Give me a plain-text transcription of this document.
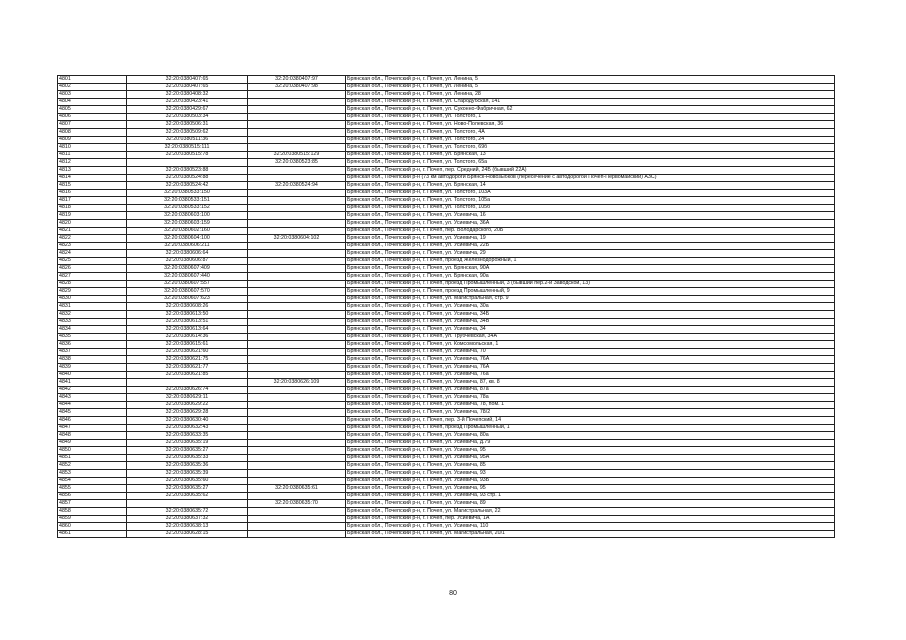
4801	32:20:0380407:65	32:20:0380407:97	Брянская обл., Почепский р-н, г. Почеп, ул. Ленина, 5
4802	32:20:0380407:65	32:20:0380407:98	Брянская обл., Почепский р-н, г. Почеп, ул. Ленина, 5
4803	32:20:0380408:32		Брянская обл., Почепский р-н, г. Почеп, ул. Ленина, 28
4804	32:20:0380423:41		Брянская обл., Почепский р-н, г. Почеп, ул. Стародубская, 141
4805	32:20:0380429:67		Брянская обл., Почепский р-н, г. Почеп, ул. Суконно-Фабричная, 62
4806	32:20:0380503:34		Брянская обл., Почепский р-н, г. Почеп, ул. Толстого, 1
4807	32:20:0380506:31		Брянская обл., Почепский р-н, г. Почеп, ул. Ново-Полевская, 36
4808	32:20:0380509:62		Брянская обл., Почепский р-н, г. Почеп, ул. Толстого, 4А
4809	32:20:0380511:36		Брянская обл., Почепский р-н, г. Почеп, ул. Толстого, 24
4810	32:20:0380515:111		Брянская обл., Почепский р-н, г. Почеп, ул. Толстого, 69б
4811	32:20:0380515:78	32:20:0380515:129	Брянская обл., Почепский р-н, г. Почеп, ул. Брянская, 13
4812		32:20:0380523:85	Брянская обл., Почепский р-н, г. Почеп, ул. Толстого, 65а
4813	32:20:0380523:88		Брянская обл., Почепский р-н, г. Почеп, пер. Средний, 24Б (бывший 22А)
4814	32:20:0380524:88		Брянская обл., Почепский р-н (73 км автодороги Брянск-Новозыбков (пересечение с автодорогой Почеп-Первомайский) АЗС)
4815	32:20:0380524:42	32:20:0380524:94	Брянская обл., Почепский р-н, г. Почеп, ул. Брянская, 14
4816	32:20:0380533:150		Брянская обл., Почепский р-н, г. Почеп, ул. Толстого, 103А
4817	32:20:0380533:151		Брянская обл., Почепский р-н, г. Почеп, ул. Толстого, 105а
4818	32:20:0380533:152		Брянская обл., Почепский р-н, г. Почеп, ул. Толстого, 105б
4819	32:20:0380603:100		Брянская обл., Почепский р-н, г. Почеп, ул. Усиевича, 16
4820	32:20:0380603:159		Брянская обл., Почепский р-н, г. Почеп, ул. Усиевича, 36А
4821	32:20:0380602:160		Брянская обл., Почепский р-н, г. Почеп, пер. Володарского, 20Б
4822	32:20:0380604:100	32:20:0380604:102	Брянская обл., Почепский р-н, г. Почеп, ул. Усиевича, 19
4823	32:20:0380606:211		Брянская обл., Почепский р-н, г. Почеп, ул. Усиевича, 22Б
4824	32:20:0380606:64		Брянская обл., Почепский р-н, г. Почеп, ул. Усиевича, 29
4825	32:20:0380606:87		Брянская обл., Почепский р-н, г. Почеп, проезд Железнодорожный, 1
4826	32:20:0380607:409		Брянская обл., Почепский р-н, г. Почеп, ул. Брянская, 90А
4827	32:20:0380607:440		Брянская обл., Почепский р-н, г. Почеп, ул. Брянская, 90а
4828	32:20:0380607:557		Брянская обл., Почепский р-н, г. Почеп, проезд Промышленный, 3 (бывший пер.2-й Заводской, 13)
4829	32:20:0380607:570		Брянская обл., Почепский р-н, г. Почеп, проезд Промышленный, 9
4830	32:20:0380607:623		Брянская обл., Почепский р-н, г. Почеп, ул. Магистральная, стр. 9
4831	32:20:0380608:26		Брянская обл., Почепский р-н, г. Почеп, ул. Усиевича, 30а
4832	32:20:0380613:50		Брянская обл., Почепский р-н, г. Почеп, ул. Усиевича, 34Б
4833	32:20:0380613:51		Брянская обл., Почепский р-н, г. Почеп, ул. Усиевича, 34В
4834	32:20:0380613:64		Брянская обл., Почепский р-н, г. Почеп, ул. Усиевича, 34
4835	32:20:0380614:36		Брянская обл., Почепский р-н, г. Почеп, ул. Трубчевская, 34А
4836	32:20:0380615:61		Брянская обл., Почепский р-н, г. Почеп, ул. Комсомольская, 1
4837	32:20:0380621:60		Брянская обл., Почепский р-н, г. Почеп, ул. Усиевича, 70
4838	32:20:0380621:75		Брянская обл., Почепский р-н, г. Почеп, ул. Усиевича, 76А
4839	32:20:0380621:77		Брянская обл., Почепский р-н, г. Почеп, ул. Усиевича, 76А
4840	32:20:0380621:85		Брянская обл., Почепский р-н, г. Почеп, ул. Усиевича, 76а
4841		32:20:0380626:109	Брянская обл., Почепский р-н, г. Почеп, ул. Усиевича, 87, кв. 8
4842	32:20:0380626:74		Брянская обл., Почепский р-н, г. Почеп, ул. Усиевича, 87а
4843	32:20:0380629:11		Брянская обл., Почепский р-н, г. Почеп, ул. Усиевича, 78а
4844	32:20:0380629:22		Брянская обл., Почепский р-н, г. Почеп, ул. Усиевича, 78, пом. 1
4845	32:20:0380629:28		Брянская обл., Почепский р-н, г. Почеп, ул. Усиевича, 78/2
4846	32:20:0380630:40		Брянская обл., Почепский р-н, г. Почеп, пер. 3-й Почепский, 14
4847	32:20:0380632:43		Брянская обл., Почепский р-н, г. Почеп, проезд Промышленный, 1
4848	32:20:0380633:35		Брянская обл., Почепский р-н, г. Почеп, ул. Усиевича, 80а
4849	32:20:0380635:19		Брянская обл., Почепский р-н, г. Почеп, ул. Усиевича, д.79
4850	32:20:0380635:27		Брянская обл., Почепский р-н, г. Почеп, ул. Усиевича, 95
4851	32:20:0380635:33		Брянская обл., Почепский р-н, г. Почеп, ул. Усиевича, 95А
4852	32:20:0380635:36		Брянская обл., Почепский р-н, г. Почеп, ул. Усиевича, 85
4853	32:20:0380635:39		Брянская обл., Почепский р-н, г. Почеп, ул. Усиевича, 93
4854	32:20:0380635:60		Брянская обл., Почепский р-н, г. Почеп, ул. Усиевича, 93Б
4855	32:20:0380635:27	32:20:0380635:61	Брянская обл., Почепский р-н, г. Почеп, ул. Усиевича, 95
4856	32:20:0380635:62		Брянская обл., Почепский р-н, г. Почеп, ул. Усиевича, 93 стр. 1
4857		32:20:0380635:70	Брянская обл., Почепский р-н, г. Почеп, ул. Усиевича, 89
4858	32:20:0380635:72		Брянская обл., Почепский р-н, г. Почеп, ул. Магистральная, 22
4859	32:20:0380637:32		Брянская обл., Почепский р-н, г. Почеп, пер. Усиевича, 1А
4860	32:20:0380638:13		Брянская обл., Почепский р-н, г. Почеп, ул. Усиевича, 110
4861	32:20:0380628:15		Брянская обл., Почепский р-н, г. Почеп, ул. Магистральная, 20/1
80
